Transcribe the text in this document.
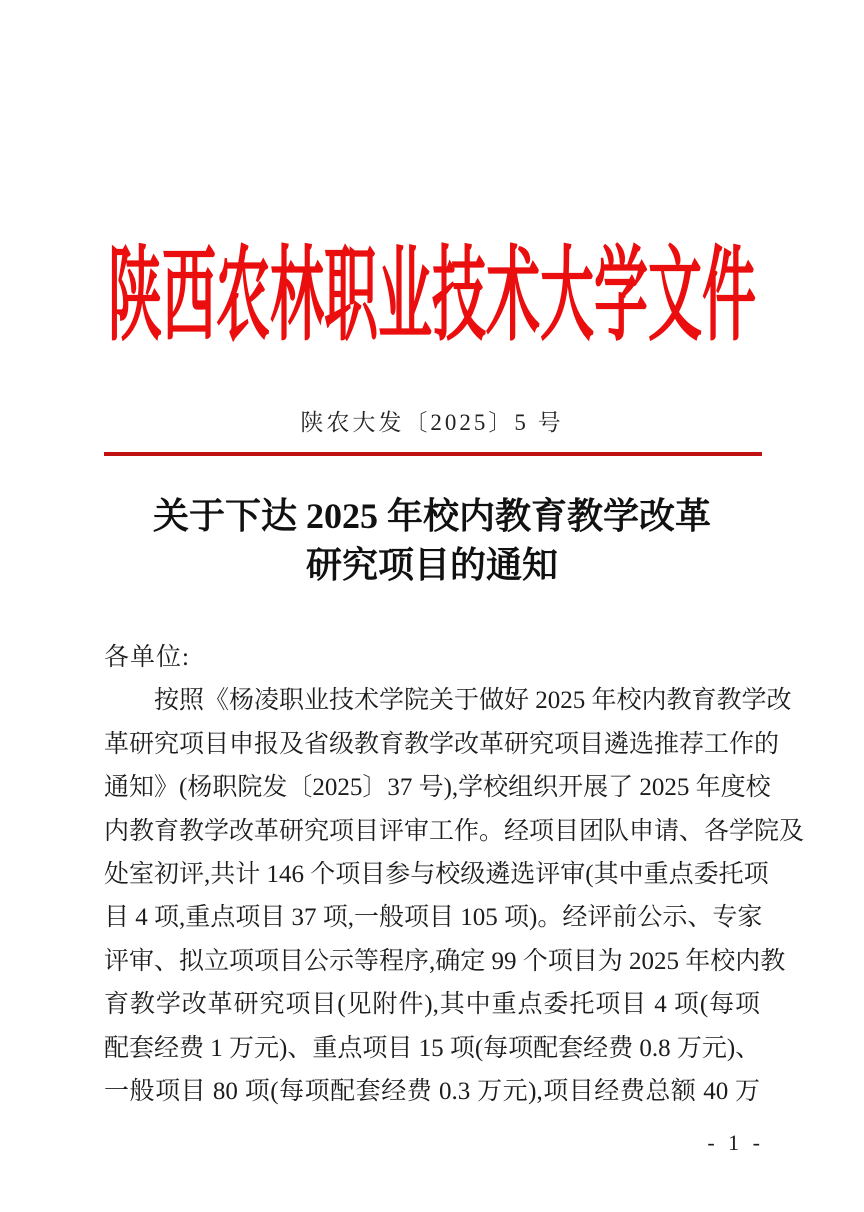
陕西农林职业技术大学文件
陕农大发〔2025〕5 号
关于下达 2025 年校内教育教学改革
研究项目的通知
各单位:
按照《杨凌职业技术学院关于做好 2025 年校内教育教学改
革研究项目申报及省级教育教学改革研究项目遴选推荐工作的
通知》(杨职院发〔2025〕37 号),学校组织开展了 2025 年度校
内教育教学改革研究项目评审工作。经项目团队申请、各学院及
处室初评,共计 146 个项目参与校级遴选评审(其中重点委托项
目 4 项,重点项目 37 项,一般项目 105 项)。经评前公示、专家
评审、拟立项项目公示等程序,确定 99 个项目为 2025 年校内教
育教学改革研究项目(见附件),其中重点委托项目 4 项(每项
配套经费 1 万元)、重点项目 15 项(每项配套经费 0.8 万元)、
一般项目 80 项(每项配套经费 0.3 万元),项目经费总额 40 万
- 1 -
